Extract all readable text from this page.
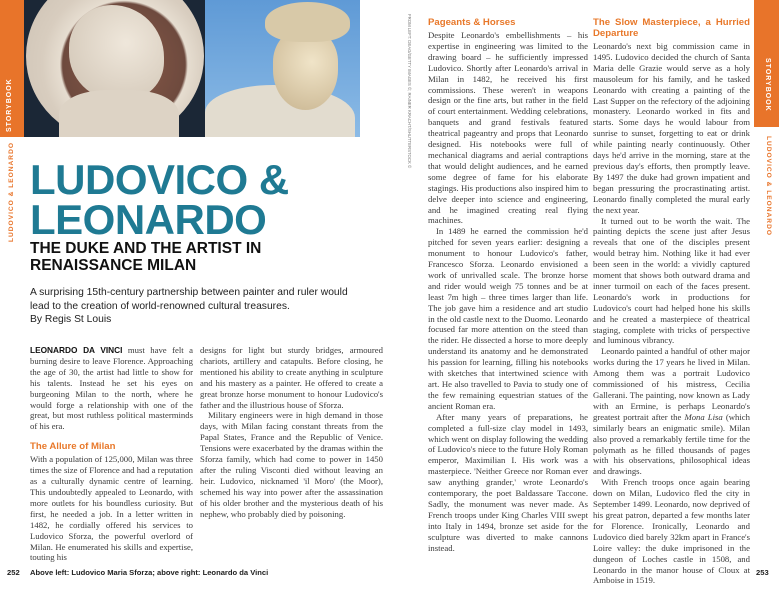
STORYBOOK
LUDOVICO & LEONARDO LUDOVICO &
LEONARDO
THE DUKE AND THE ARTIST IN
RENAISSANCE MILAN
A surprising 15th-century partnership between painter and ruler would lead to the creation of world-renowned cultural treasures.
By Regis St Louis

LEONARDO DA VINCI must have felt a burning desire to leave Florence. Approaching the age of 30, the artist had little to show for his talents. Instead he set his eyes on burgeoning Milan to the north, where he would forge a relationship with one of the great, but most ruthless political masterminds of his era.

The Allure of Milan

With a population of 125,000, Milan was three times the size of Florence and had a reputation as a culturally dynamic centre of learning. This undoubtedly appealed to Leonardo, with more outlets for his boundless curiosity. But first, he needed a job. In a letter written in 1482, he cordially offered his services to Ludovico Sforza, the powerful overlord of Milan. He enumerated his skills and expertise, touting his

designs for light but sturdy bridges, armoured chariots, artillery and catapults. Before closing, he mentioned his ability to create anything in sculpture and his mastery as a painter. He offered to create a great bronze horse monument to honour Ludovico's father and the illustrious house of Sforza.

Military engineers were in high demand in those days, with Milan facing constant threats from the Papal States, France and the Republic of Venice. Tensions were exacerbated by the dramas within the Sforza family, which had come to power in 1450 after the ruling Visconti died without leaving an heir. Ludovico, nicknamed 'il Moro' (the Moor), schemed his way into power after the assassination of his older brother and the mysterious death of his nephew, who probably died by poisoning.

FROM LEFT: DEAG/GETTY IMAGES ©; RAINER KRACHT/SHUTTERSTOCK © Pageants & Horses

Despite Leonardo's embellishments – his expertise in engineering was limited to the drawing board – he sufficiently impressed Ludovico. Shortly after Leonardo's arrival in Milan in 1482, he received his first commissions. These weren't in weapons design or the fine arts, but rather in the field of court entertainment. Wedding celebrations, banquets and grand festivals featured theatrical pageantry and props that Leonardo designed. His notebooks were full of mechanical diagrams and aerial contraptions that would delight audiences, and he earned some degree of fame for his elaborate stagings. His productions also inspired him to delve deeper into science and engineering, and he imagined creating real flying machines.

In 1489 he earned the commission he'd pitched for seven years earlier: designing a monument to honour Ludovico's father, Francesco Sforza. Leonardo envisioned a work of unrivalled scale. The bronze horse and rider would weigh 75 tonnes and be at least 7m high – three times larger than life. The job gave him a residence and art studio in the old castle next to the Duomo. Leonardo focused far more attention on the steed than the rider. He dissected a horse to more deeply understand its anatomy and he demonstrated his passion for learning, filling his notebooks with sketches that intertwined science with art. He also travelled to Pavia to study one of the few remaining equestrian statues of the ancient Roman era.

After many years of preparations, he completed a full-size clay model in 1493, which went on display following the wedding of Ludovico's niece to the future Holy Roman emperor, Maximilian I. His work was a masterpiece. 'Neither Greece nor Roman ever saw anything grander,' wrote Leonardo's contemporary, the poet Baldassare Taccone. Sadly, the monument was never made. As French troops under King Charles VIII swept into Italy in 1494, bronze set aside for the sculpture was diverted to make cannons instead.

The Slow Masterpiece, a Hurried Departure

Leonardo's next big commission came in 1495. Ludovico decided the church of Santa Maria delle Grazie would serve as a holy mausoleum for his family, and he tasked Leonardo with creating a painting of the Last Supper on the refectory of the adjoining monastery. Leonardo worked in fits and starts. Some days he would labour from sunrise to sunset, forgetting to eat or drink while painting nearly continuously. Other days he'd arrive in the morning, stare at the previous day's efforts, then promptly leave. By 1497 the duke had grown impatient and began pressuring the procrastinating artist. Leonardo finally completed the mural early the next year.

It turned out to be worth the wait. The painting depicts the scene just after Jesus reveals that one of the disciples present would betray him. Nothing like it had ever been seen in the world: a vividly captured moment that shows both outward drama and inner turmoil on each of the faces present. Leonardo's work in productions for Ludovico's court had helped hone his skills and he created a masterpiece of theatrical staging, complete with tricks of perspective and luminous vibrancy.

Leonardo painted a handful of other major works during the 17 years he lived in Milan. Among them was a portrait Ludovico commissioned of his mistress, Cecilia Gallerani. The painting, now known as Lady with an Ermine, is perhaps Leonardo's greatest portrait after the Mona Lisa (which similarly bears an enigmatic smile). Milan also proved a remarkably fertile time for the polymath as he filled thousands of pages with his observations, philosophical ideas and drawings.

With French troops once again bearing down on Milan, Ludovico fled the city in September 1499. Leonardo, now deprived of his great patron, departed a few months later for Florence. Ironically, Leonardo and Ludovico died barely 32km apart in France's Loire valley: the duke imprisoned in the dungeon of Loches castle in 1508, and Leonardo in the manor house of Cloux at Amboise in 1519.

STORYBOOK
LUDOVICO & LEONARDO
252 Above left: Ludovico Maria Sforza; above right: Leonardo da Vinci	253
